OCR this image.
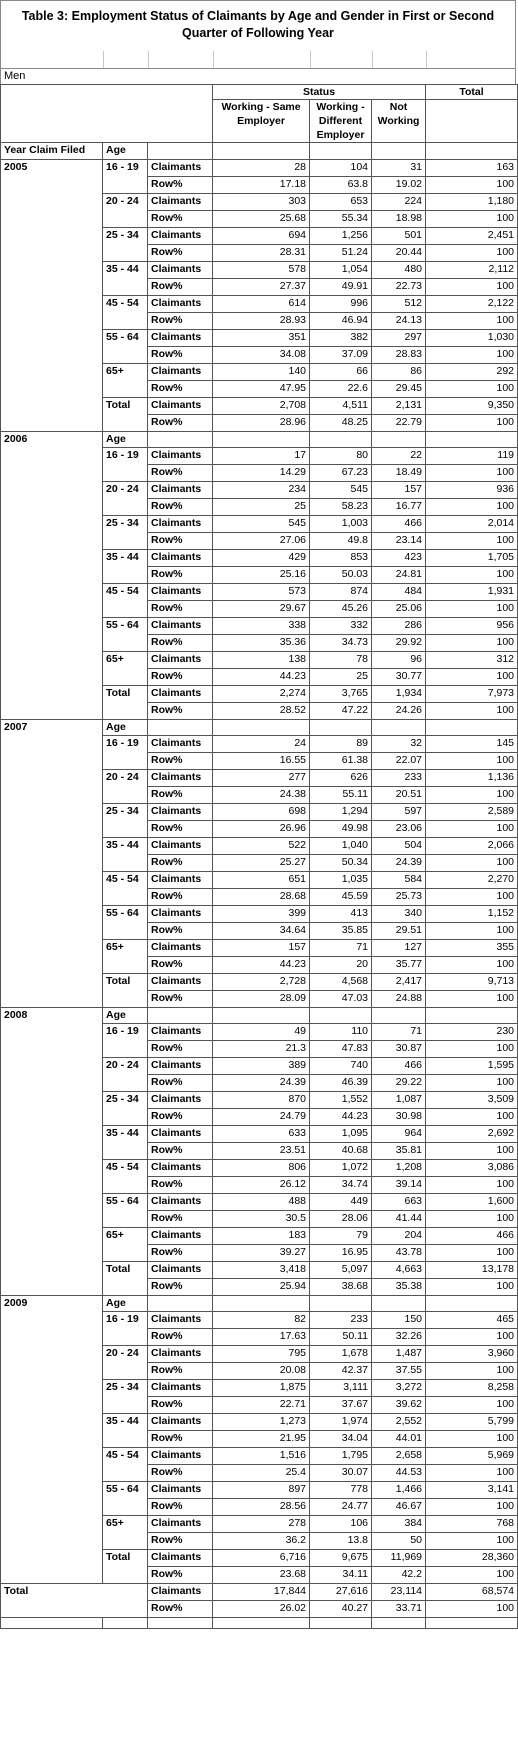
Table 3: Employment Status of Claimants by Age and Gender in First or Second Quarter of Following Year
Men
			Status			Total
			Working - Same Employer	Working - Different Employer	Not Working	
Year Claim Filed	Age					
2005	16 - 19	Claimants	28	104	31	163
		Row%	17.18	63.8	19.02	100
	20 - 24	Claimants	303	653	224	1,180
		Row%	25.68	55.34	18.98	100
	25 - 34	Claimants	694	1,256	501	2,451
		Row%	28.31	51.24	20.44	100
	35 - 44	Claimants	578	1,054	480	2,112
		Row%	27.37	49.91	22.73	100
	45 - 54	Claimants	614	996	512	2,122
		Row%	28.93	46.94	24.13	100
	55 - 64	Claimants	351	382	297	1,030
		Row%	34.08	37.09	28.83	100
	65+	Claimants	140	66	86	292
		Row%	47.95	22.6	29.45	100
	Total	Claimants	2,708	4,511	2,131	9,350
		Row%	28.96	48.25	22.79	100
2006	Age					
	16 - 19	Claimants	17	80	22	119
		Row%	14.29	67.23	18.49	100
	20 - 24	Claimants	234	545	157	936
		Row%	25	58.23	16.77	100
	25 - 34	Claimants	545	1,003	466	2,014
		Row%	27.06	49.8	23.14	100
	35 - 44	Claimants	429	853	423	1,705
		Row%	25.16	50.03	24.81	100
	45 - 54	Claimants	573	874	484	1,931
		Row%	29.67	45.26	25.06	100
	55 - 64	Claimants	338	332	286	956
		Row%	35.36	34.73	29.92	100
	65+	Claimants	138	78	96	312
		Row%	44.23	25	30.77	100
	Total	Claimants	2,274	3,765	1,934	7,973
		Row%	28.52	47.22	24.26	100
2007	Age					
	16 - 19	Claimants	24	89	32	145
		Row%	16.55	61.38	22.07	100
	20 - 24	Claimants	277	626	233	1,136
		Row%	24.38	55.11	20.51	100
	25 - 34	Claimants	698	1,294	597	2,589
		Row%	26.96	49.98	23.06	100
	35 - 44	Claimants	522	1,040	504	2,066
		Row%	25.27	50.34	24.39	100
	45 - 54	Claimants	651	1,035	584	2,270
		Row%	28.68	45.59	25.73	100
	55 - 64	Claimants	399	413	340	1,152
		Row%	34.64	35.85	29.51	100
	65+	Claimants	157	71	127	355
		Row%	44.23	20	35.77	100
	Total	Claimants	2,728	4,568	2,417	9,713
		Row%	28.09	47.03	24.88	100
2008	Age					
	16 - 19	Claimants	49	110	71	230
		Row%	21.3	47.83	30.87	100
	20 - 24	Claimants	389	740	466	1,595
		Row%	24.39	46.39	29.22	100
	25 - 34	Claimants	870	1,552	1,087	3,509
		Row%	24.79	44.23	30.98	100
	35 - 44	Claimants	633	1,095	964	2,692
		Row%	23.51	40.68	35.81	100
	45 - 54	Claimants	806	1,072	1,208	3,086
		Row%	26.12	34.74	39.14	100
	55 - 64	Claimants	488	449	663	1,600
		Row%	30.5	28.06	41.44	100
	65+	Claimants	183	79	204	466
		Row%	39.27	16.95	43.78	100
	Total	Claimants	3,418	5,097	4,663	13,178
		Row%	25.94	38.68	35.38	100
2009	Age					
	16 - 19	Claimants	82	233	150	465
		Row%	17.63	50.11	32.26	100
	20 - 24	Claimants	795	1,678	1,487	3,960
		Row%	20.08	42.37	37.55	100
	25 - 34	Claimants	1,875	3,111	3,272	8,258
		Row%	22.71	37.67	39.62	100
	35 - 44	Claimants	1,273	1,974	2,552	5,799
		Row%	21.95	34.04	44.01	100
	45 - 54	Claimants	1,516	1,795	2,658	5,969
		Row%	25.4	30.07	44.53	100
	55 - 64	Claimants	897	778	1,466	3,141
		Row%	28.56	24.77	46.67	100
	65+	Claimants	278	106	384	768
		Row%	36.2	13.8	50	100
	Total	Claimants	6,716	9,675	11,969	28,360
		Row%	23.68	34.11	42.2	100
Total		Claimants	17,844	27,616	23,114	68,574
		Row%	26.02	40.27	33.71	100
